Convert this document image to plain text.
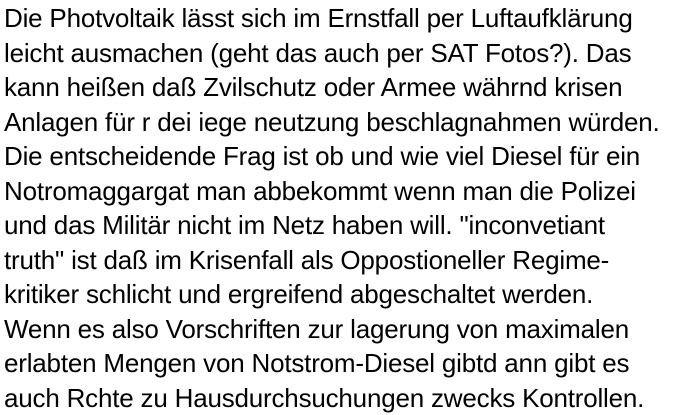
Die Photvoltaik lässt sich im Ernstfall per Luftaufklärung

leicht ausmachen (geht das auch per SAT Fotos?). Das

kann heißen daß Zvilschutz oder Armee währnd krisen

Anlagen für r dei iege neutzung beschlagnahmen würden.

Die entscheidende Frag ist ob und wie viel Diesel für ein

Notromaggargat man abbekommt wenn man die Polizei

und das Militär nicht im Netz haben will. "inconvetiant

truth" ist daß im Krisenfall als Oppostioneller Regime-

kritiker schlicht und ergreifend abgeschaltet werden.

Wenn es also Vorschriften zur lagerung von maximalen

erlabten Mengen von Notstrom-Diesel gibtd ann gibt es

auch Rchte zu Hausdurchsuchungen zwecks Kontrollen.
